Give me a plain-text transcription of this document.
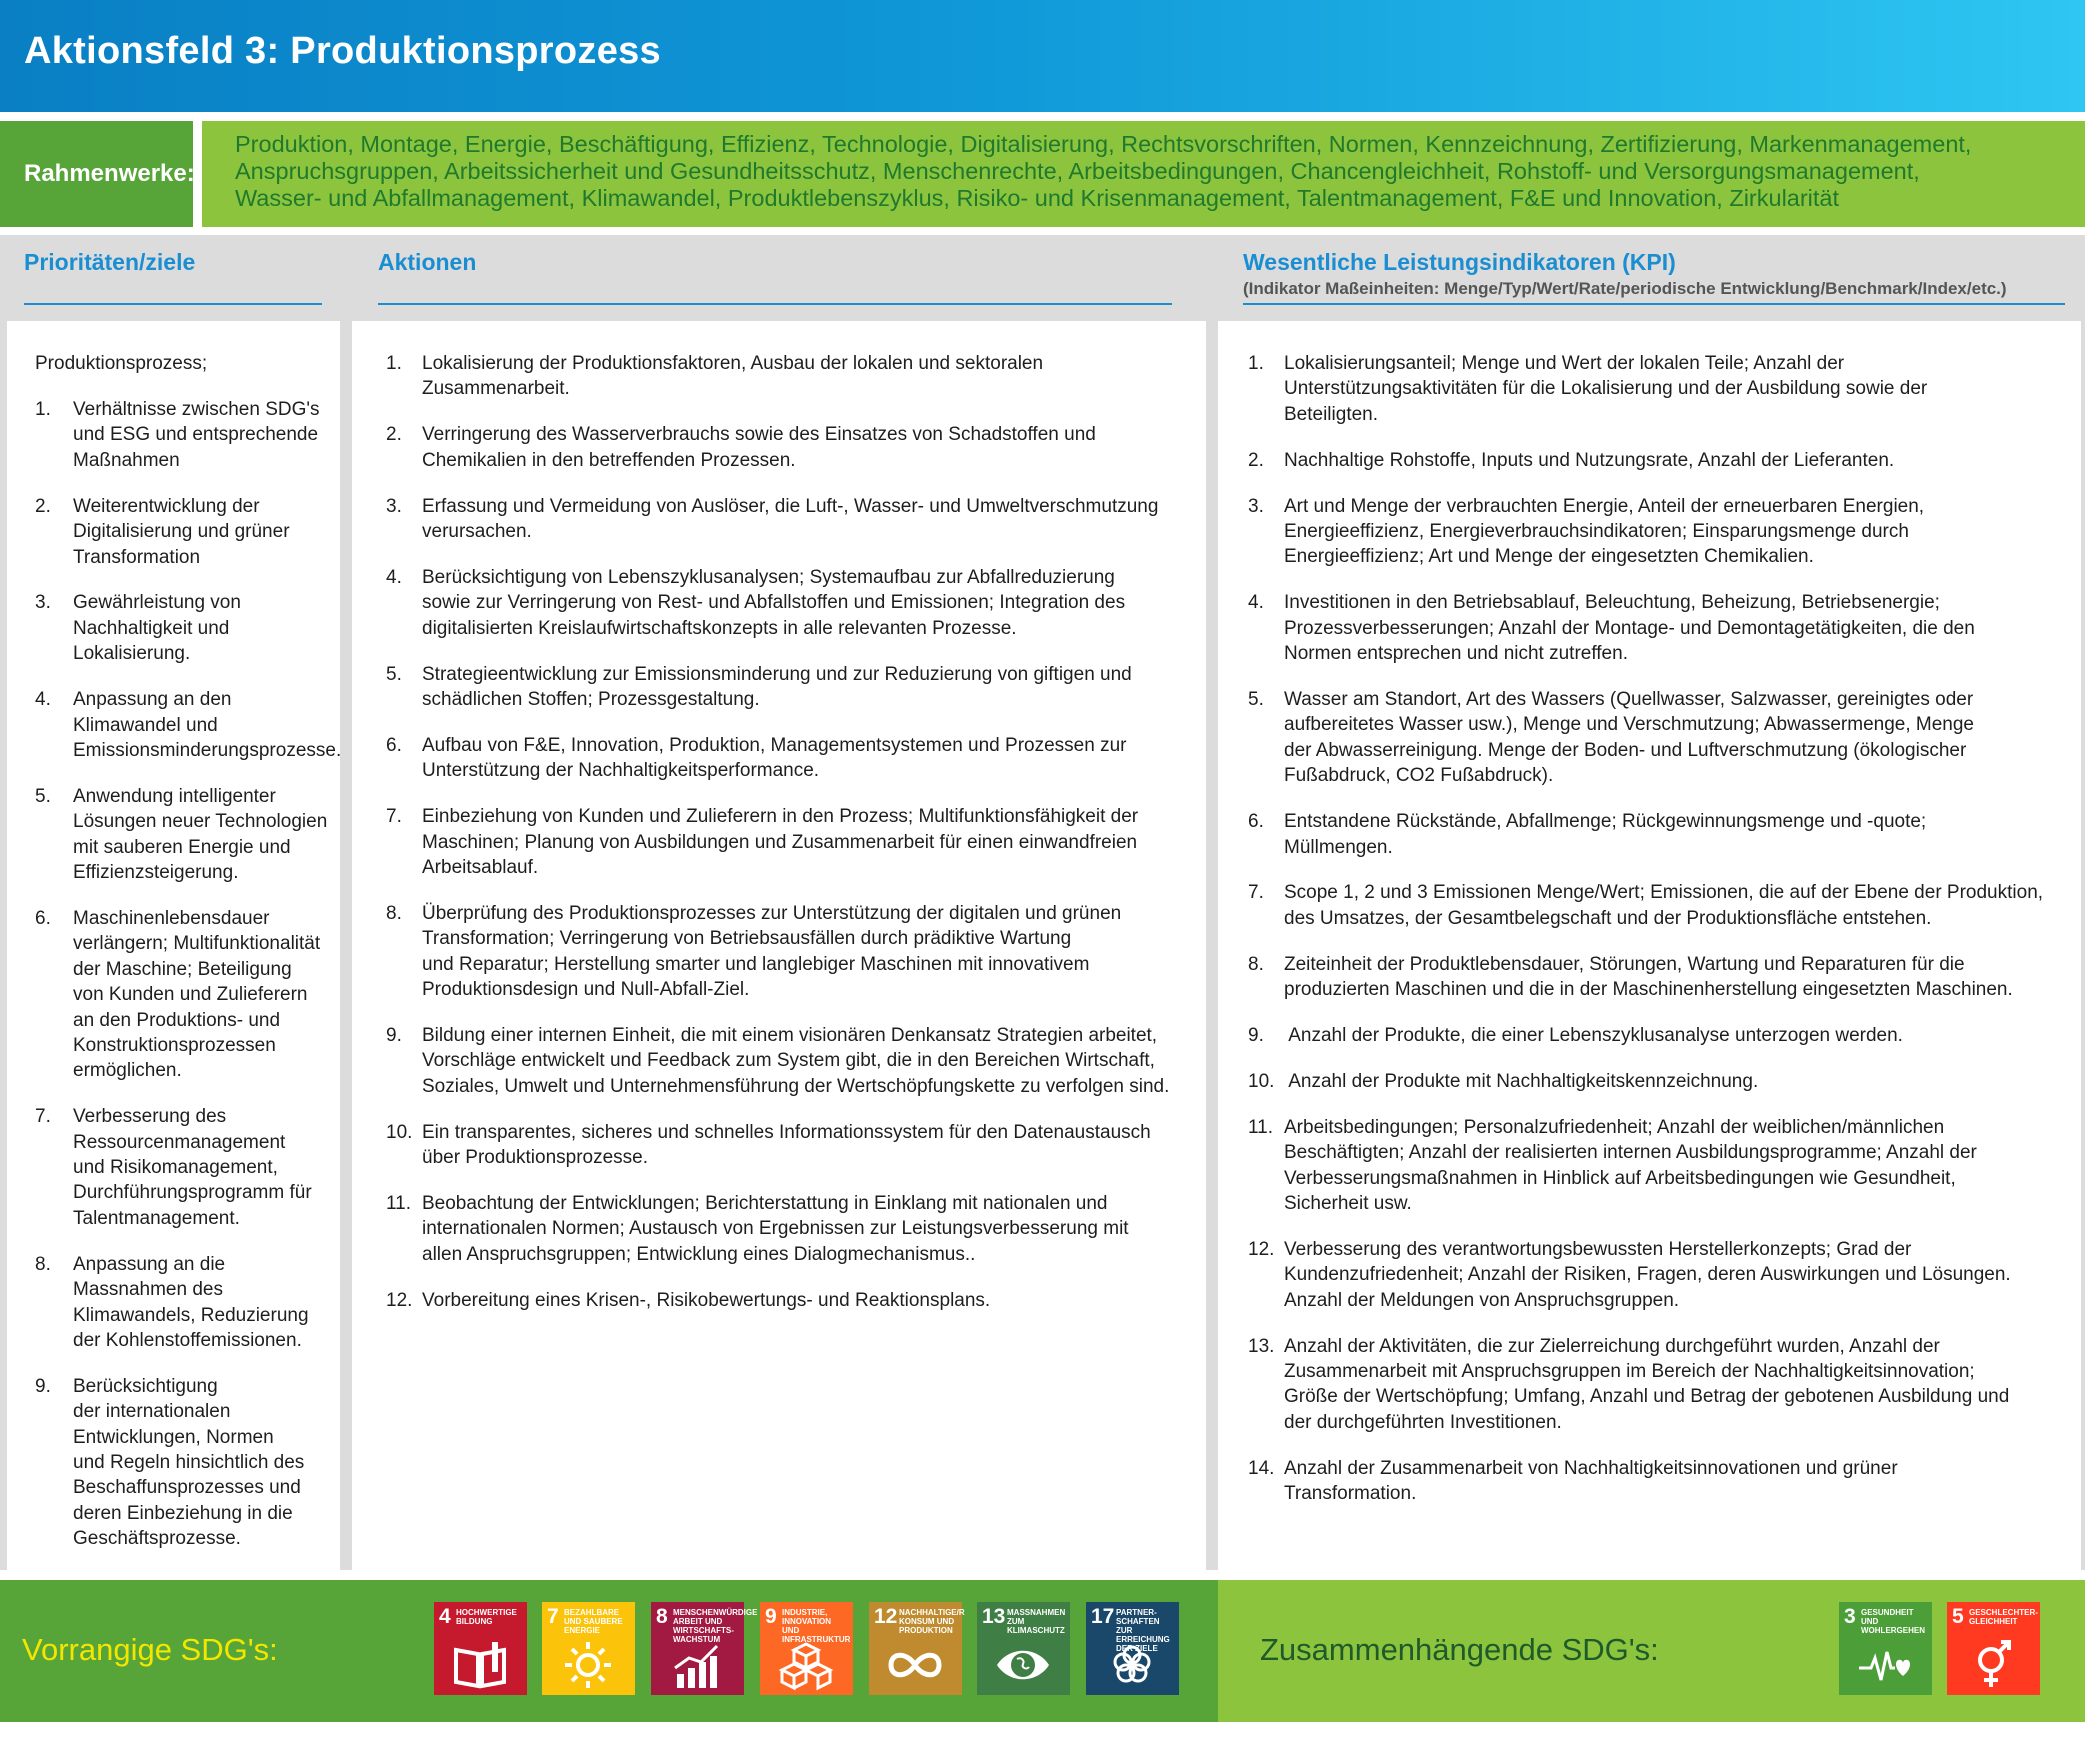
Aktionsfeld 3: Produktionsprozess
Rahmenwerke:
Produktion, Montage, Energie, Beschäftigung, Effizienz, Technologie, Digitalisierung, Rechtsvorschriften, Normen, Kennzeichnung, Zertifizierung, Markenmanagement,
Anspruchsgruppen, Arbeitssicherheit und Gesundheitsschutz, Menschenrechte, Arbeitsbedingungen, Chancengleichheit, Rohstoff- und Versorgungsmanagement,
Wasser- und Abfallmanagement, Klimawandel, Produktlebenszyklus, Risiko- und Krisenmanagement, Talentmanagement, F&E und Innovation, Zirkularität
Prioritäten/ziele
Produktionsprozess;
1. Verhältnisse zwischen SDG's
und ESG und entsprechende
Maßnahmen
2. Weiterentwicklung der
Digitalisierung und grüner
Transformation
3. Gewährleistung von
Nachhaltigkeit und
Lokalisierung.
4. Anpassung an den
Klimawandel und
Emissionsminderungsprozesse.
5. Anwendung intelligenter
Lösungen neuer Technologien
mit sauberen Energie und
Effizienzsteigerung.
6. Maschinenlebensdauer
verlängern; Multifunktionalität
der Maschine; Beteiligung
von Kunden und Zulieferern
an den Produktions- und
Konstruktionsprozessen
ermöglichen.
7. Verbesserung des
Ressourcenmanagement
und Risikomanagement,
Durchführungsprogramm für
Talentmanagement.
8. Anpassung an die
Massnahmen des
Klimawandels, Reduzierung
der Kohlenstoffemissionen.
9. Berücksichtigung
der internationalen
Entwicklungen, Normen
und Regeln hinsichtlich des
Beschaffunsprozesses und
deren Einbeziehung in die
Geschäftsprozesse.
Aktionen
1. Lokalisierung der Produktionsfaktoren, Ausbau der lokalen und sektoralen
Zusammenarbeit.
2. Verringerung des Wasserverbrauchs sowie des Einsatzes von Schadstoffen und
Chemikalien in den betreffenden Prozessen.
3. Erfassung und Vermeidung von Auslöser, die Luft-, Wasser- und Umweltverschmutzung
verursachen.
4. Berücksichtigung von Lebenszyklusanalysen; Systemaufbau zur Abfallreduzierung
sowie zur Verringerung von Rest- und Abfallstoffen und Emissionen; Integration des
digitalisierten Kreislaufwirtschaftskonzepts in alle relevanten Prozesse.
5. Strategieentwicklung zur Emissionsminderung und zur Reduzierung von giftigen und
schädlichen Stoffen; Prozessgestaltung.
6. Aufbau von F&E, Innovation, Produktion, Managementsystemen und Prozessen zur
Unterstützung der Nachhaltigkeitsperformance.
7. Einbeziehung von Kunden und Zulieferern in den Prozess; Multifunktionsfähigkeit der
Maschinen; Planung von Ausbildungen und Zusammenarbeit für einen einwandfreien
Arbeitsablauf.
8. Überprüfung des Produktionsprozesses zur Unterstützung der digitalen und grünen
Transformation; Verringerung von Betriebsausfällen durch prädiktive Wartung
und Reparatur; Herstellung smarter und langlebiger Maschinen mit innovativem
Produktionsdesign und Null-Abfall-Ziel.
9. Bildung einer internen Einheit, die mit einem visionären Denkansatz Strategien arbeitet,
Vorschläge entwickelt und Feedback zum System gibt, die in den Bereichen Wirtschaft,
Soziales, Umwelt und Unternehmensführung der Wertschöpfungskette zu verfolgen sind.
10. Ein transparentes, sicheres und schnelles Informationssystem für den Datenaustausch
über Produktionsprozesse.
11. Beobachtung der Entwicklungen; Berichterstattung in Einklang mit nationalen und
internationalen Normen; Austausch von Ergebnissen zur Leistungsverbesserung mit
allen Anspruchsgruppen; Entwicklung eines Dialogmechanismus..
12. Vorbereitung eines Krisen-, Risikobewertungs- und Reaktionsplans.
Wesentliche Leistungsindikatoren (KPI)
(Indikator Maßeinheiten: Menge/Typ/Wert/Rate/periodische Entwicklung/Benchmark/Index/etc.)
1. Lokalisierungsanteil; Menge und Wert der lokalen Teile; Anzahl der
Unterstützungsaktivitäten für die Lokalisierung und der Ausbildung sowie der
Beteiligten.
2. Nachhaltige Rohstoffe, Inputs und Nutzungsrate, Anzahl der Lieferanten.
3. Art und Menge der verbrauchten Energie, Anteil der erneuerbaren Energien,
Energieeffizienz, Energieverbrauchsindikatoren; Einsparungsmenge durch
Energieeffizienz; Art und Menge der eingesetzten Chemikalien.
4. Investitionen in den Betriebsablauf, Beleuchtung, Beheizung, Betriebsenergie;
Prozessverbesserungen; Anzahl der Montage- und Demontagetätigkeiten, die den
Normen entsprechen und nicht zutreffen.
5. Wasser am Standort, Art des Wassers (Quellwasser, Salzwasser, gereinigtes oder
aufbereitetes Wasser usw.), Menge und Verschmutzung; Abwassermenge, Menge
der Abwasserreinigung. Menge der Boden- und Luftverschmutzung (ökologischer
Fußabdruck, CO2 Fußabdruck).
6. Entstandene Rückstände, Abfallmenge; Rückgewinnungsmenge und -quote;
Müllmengen.
7. Scope 1, 2 und 3 Emissionen Menge/Wert; Emissionen, die auf der Ebene der Produktion,
des Umsatzes, der Gesamtbelegschaft und der Produktionsfläche entstehen.
8. Zeiteinheit der Produktlebensdauer, Störungen, Wartung und Reparaturen für die
produzierten Maschinen und die in der Maschinenherstellung eingesetzten Maschinen.
9. Anzahl der Produkte, die einer Lebenszyklusanalyse unterzogen werden.
10. Anzahl der Produkte mit Nachhaltigkeitskennzeichnung.
11. Arbeitsbedingungen; Personalzufriedenheit; Anzahl der weiblichen/männlichen
Beschäftigten; Anzahl der realisierten internen Ausbildungsprogramme; Anzahl der
Verbesserungsmaßnahmen in Hinblick auf Arbeitsbedingungen wie Gesundheit,
Sicherheit usw.
12. Verbesserung des verantwortungsbewussten Herstellerkonzepts; Grad der
Kundenzufriedenheit; Anzahl der Risiken, Fragen, deren Auswirkungen und Lösungen.
Anzahl der Meldungen von Anspruchsgruppen.
13. Anzahl der Aktivitäten, die zur Zielerreichung durchgeführt wurden, Anzahl der
Zusammenarbeit mit Anspruchsgruppen im Bereich der Nachhaltigkeitsinnovation;
Größe der Wertschöpfung; Umfang, Anzahl und Betrag der gebotenen Ausbildung und
der durchgeführten Investitionen.
14. Anzahl der Zusammenarbeit von Nachhaltigkeitsinnovationen und grüner
Transformation.
Vorrangige SDG's:	Zusammenhängende SDG's:
4 HOCHWERTIGE BILDUNG	7 BEZAHLBARE UND SAUBERE ENERGIE
8 MENSCHENWÜRDIGE ARBEIT UND WIRTSCHAFTS-WACHSTUM
9 INDUSTRIE, INNOVATION UND INFRASTRUKTUR
12 NACHHALTIGE/R KONSUM UND PRODUKTION
13 MASSNAHMEN ZUM KLIMASCHUTZ
17 PARTNER-SCHAFTEN ZUR ERREICHUNG DER ZIELE
3 GESUNDHEIT UND WOHLERGEHEN
5 GESCHLECHTER-GLEICHHEIT
